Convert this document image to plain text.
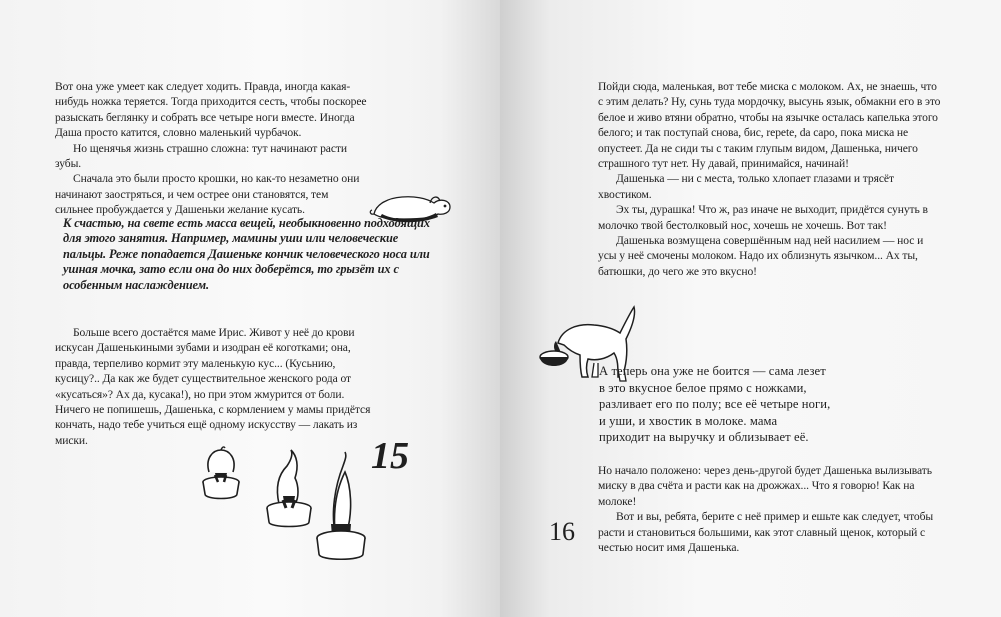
Вот она уже умеет как следует ходить. Правда, иногда какая-нибудь ножка теряется. Тогда приходится сесть, чтобы поскорее разыскать беглянку и собрать все четыре ноги вместе. Иногда Даша просто катится, словно маленький чурбачок.

Но щенячья жизнь страшно сложна: тут начинают расти зубы.

Сначала это были просто крошки, но как-то незаметно они начинают заостряться, и чем острее они становятся, тем сильнее пробуждается у Дашеньки желание кусать.

К счастью, на свете есть масса вещей, необыкновенно подходящих для этого занятия. Например, мамины уши или человеческие пальцы. Реже попадается Дашеньке кончик человеческого носа или ушная мочка, зато если она до них доберётся, то грызёт их с особенным наслаждением.

Больше всего достаётся маме Ирис. Живот у неё до крови искусан Дашенькиными зубами и изодран её коготками; она, правда, терпеливо кормит эту маленькую кус... (Кусьнию, кусицу?.. Да как же будет существительное женского рода от «кусаться»? Ах да, кусака!), но при этом жмурится от боли. Ничего не попишешь, Дашенька, с кормлением у мамы придётся кончать, надо тебе учиться ещё одному искусству — лакать из миски.	15

Пойди сюда, маленькая, вот тебе миска с молоком. Ах, не знаешь, что с этим делать? Ну, сунь туда мордочку, высунь язык, обмакни его в это белое и живо втяни обратно, чтобы на язычке осталась капелька этого белого; и так поступай снова, бис, repete, da capo, пока миска не опустеет. Да не сиди ты с таким глупым видом, Дашенька, ничего страшного тут нет. Ну давай, принимайся, начинай!

Дашенька — ни с места, только хлопает глазами и трясёт хвостиком.

Эх ты, дурашка! Что ж, раз иначе не выходит, придётся сунуть в молочко твой бестолковый нос, хочешь не хочешь. Вот так!

Дашенька возмущена совершённым над ней насилием — нос и усы у неё смочены молоком. Надо их облизнуть язычком... Ах ты, батюшки, до чего же это вкусно!

А теперь она уже не боится — сама лезет в это вкусное белое прямо с ножками, разливает его по полу; все её четыре ноги, и уши, и хвостик в молоке. мама приходит на выручку и облизывает её.

Но начало положено: через день-другой будет Дашенька вылизывать миску в два счёта и расти как на дрожжах... Что я говорю! Как на молоке!

Вот и вы, ребята, берите с неё пример и ешьте как следует, чтобы расти и становиться большими, как этот славный щенок, который с честью носит имя Дашенька.

16
